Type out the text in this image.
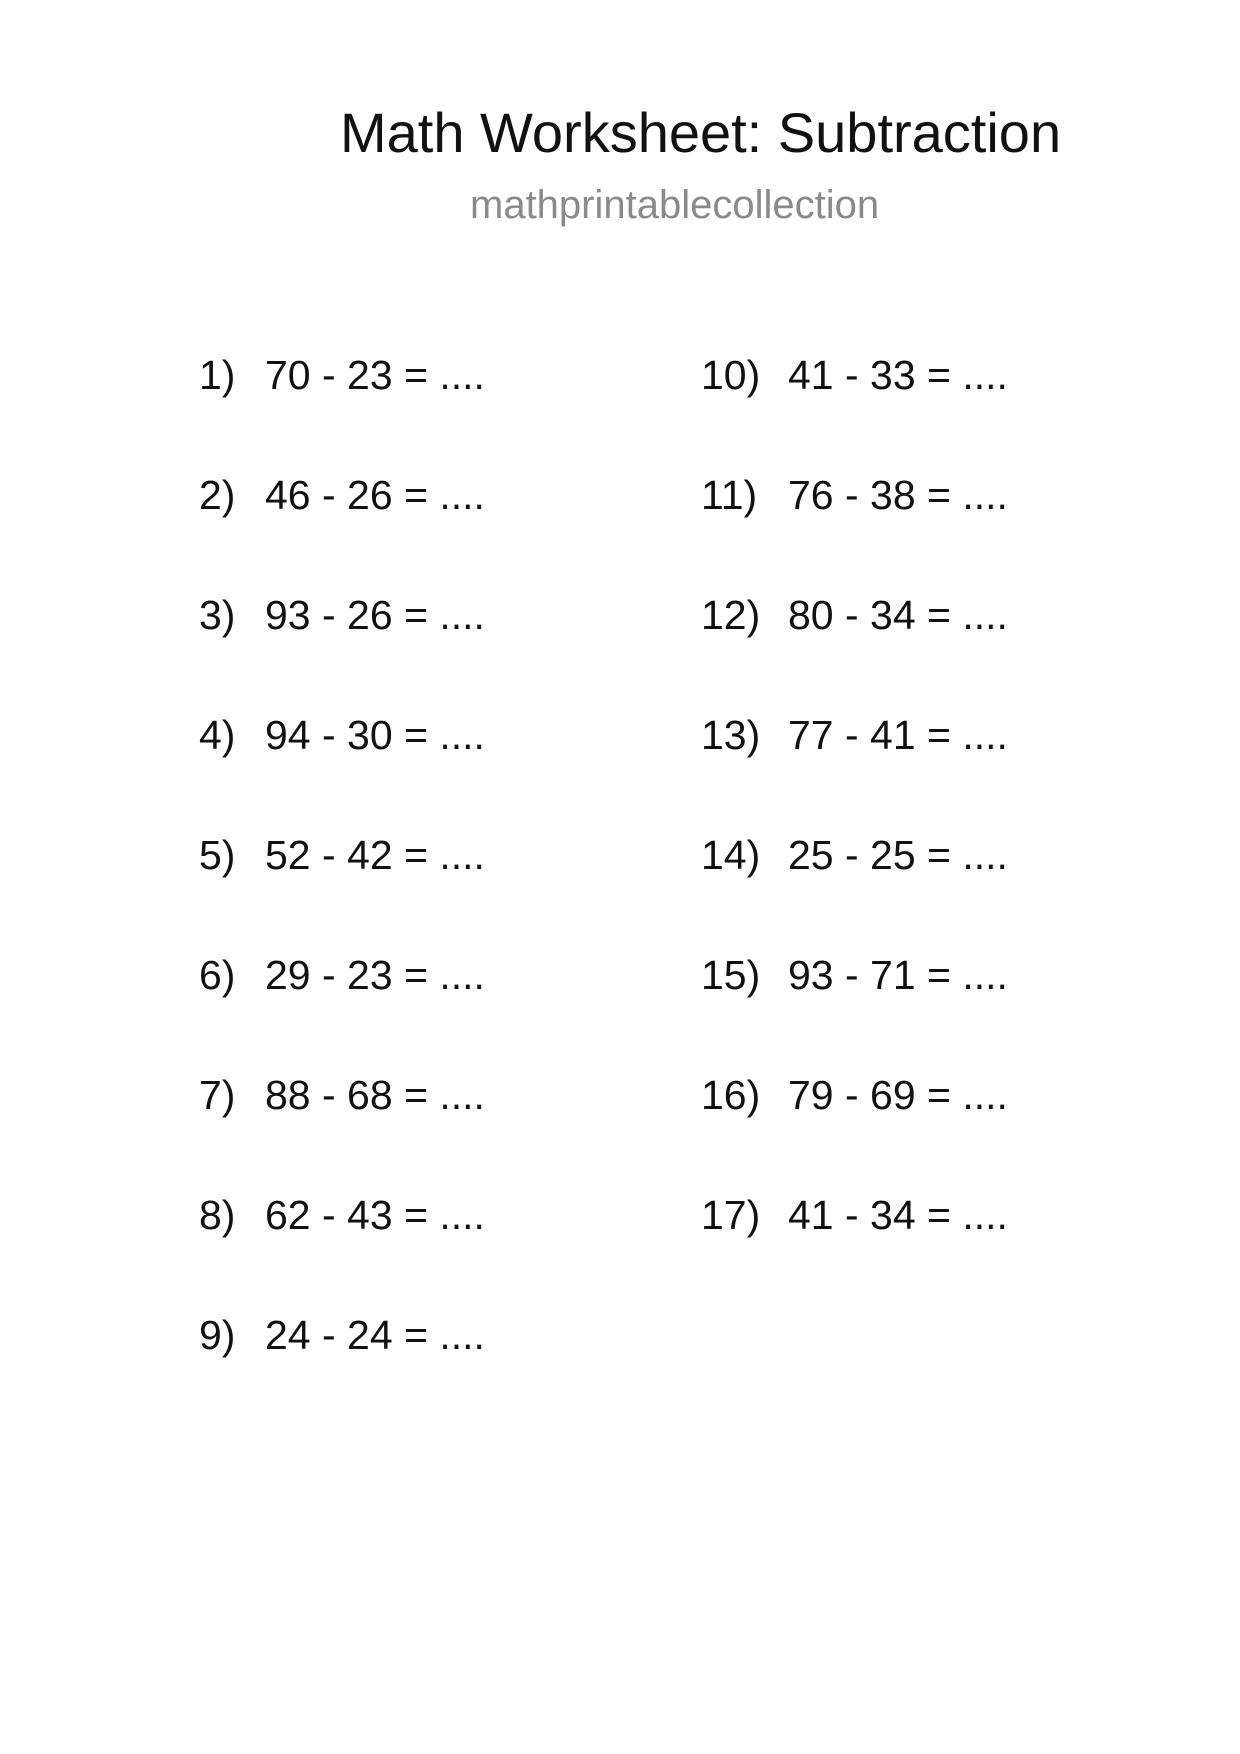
Math Worksheet: Subtraction
mathprintablecollection
1) 70 - 23 = ....
2) 46 - 26 = ....
3) 93 - 26 = ....
4) 94 - 30 = ....
5) 52 - 42 = ....
6) 29 - 23 = ....
7) 88 - 68 = ....
8) 62 - 43 = ....
9) 24 - 24 = ....
10) 41 - 33 = ....
11) 76 - 38 = ....
12) 80 - 34 = ....
13) 77 - 41 = ....
14) 25 - 25 = ....
15) 93 - 71 = ....
16) 79 - 69 = ....
17) 41 - 34 = ....
